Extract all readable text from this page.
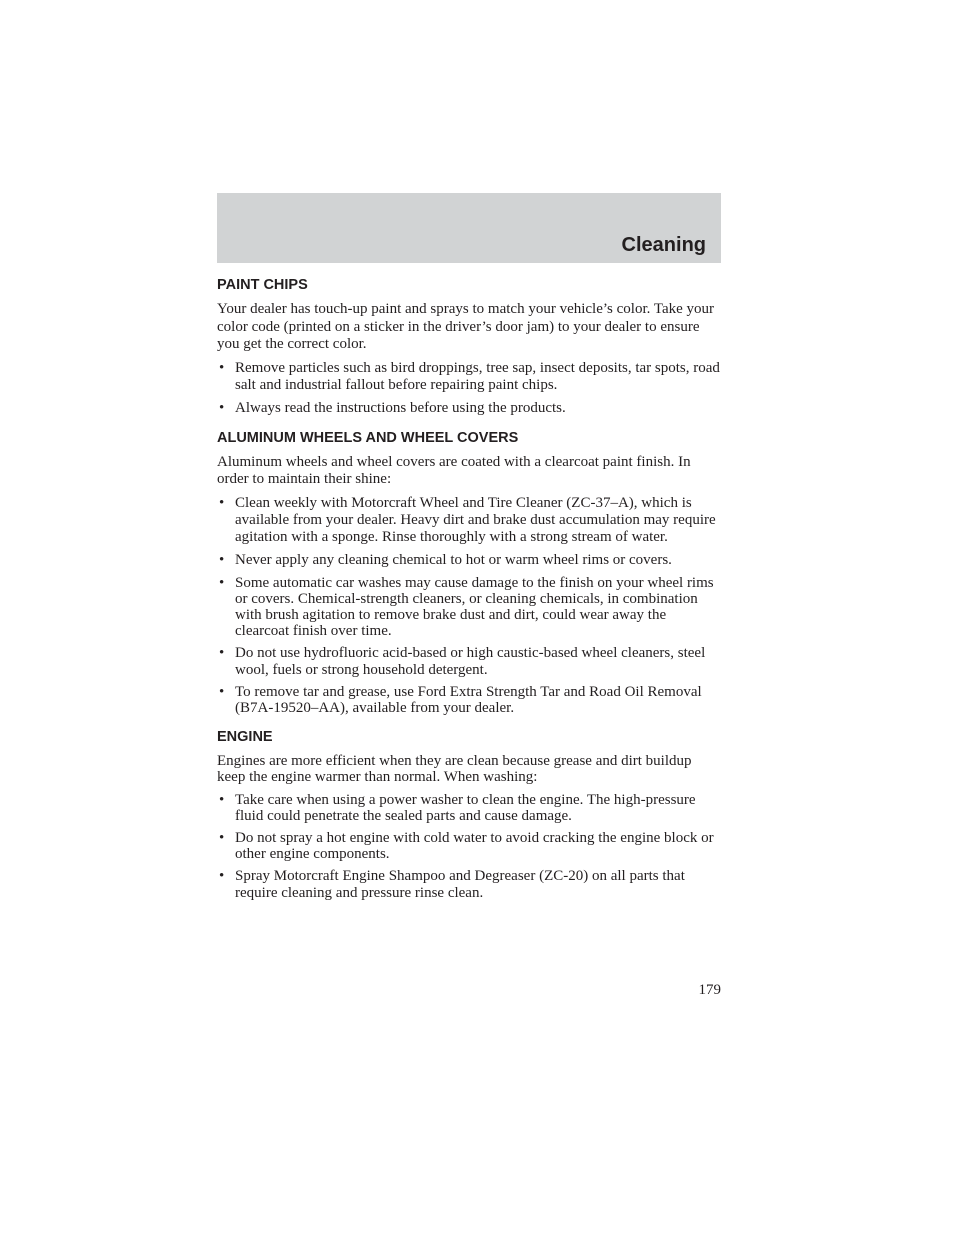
Cleaning
PAINT CHIPS

Your dealer has touch-up paint and sprays to match your vehicle’s color. Take your color code (printed on a sticker in the driver’s door jam) to your dealer to ensure you get the correct color.

• Remove particles such as bird droppings, tree sap, insect deposits, tar spots, road salt and industrial fallout before repairing paint chips.
• Always read the instructions before using the products.
ALUMINUM WHEELS AND WHEEL COVERS

Aluminum wheels and wheel covers are coated with a clearcoat paint finish. In order to maintain their shine:

• Clean weekly with Motorcraft Wheel and Tire Cleaner (ZC-37–A), which is available from your dealer. Heavy dirt and brake dust accumulation may require agitation with a sponge. Rinse thoroughly with a strong stream of water.
• Never apply any cleaning chemical to hot or warm wheel rims or covers.
• Some automatic car washes may cause damage to the finish on your wheel rims or covers. Chemical-strength cleaners, or cleaning chemicals, in combination with brush agitation to remove brake dust and dirt, could wear away the clearcoat finish over time.
• Do not use hydrofluoric acid-based or high caustic-based wheel cleaners, steel wool, fuels or strong household detergent.
• To remove tar and grease, use Ford Extra Strength Tar and Road Oil Removal (B7A-19520–AA), available from your dealer.
ENGINE

Engines are more efficient when they are clean because grease and dirt buildup keep the engine warmer than normal. When washing:

• Take care when using a power washer to clean the engine. The high-pressure fluid could penetrate the sealed parts and cause damage.
• Do not spray a hot engine with cold water to avoid cracking the engine block or other engine components.
• Spray Motorcraft Engine Shampoo and Degreaser (ZC-20) on all parts that require cleaning and pressure rinse clean.
179
